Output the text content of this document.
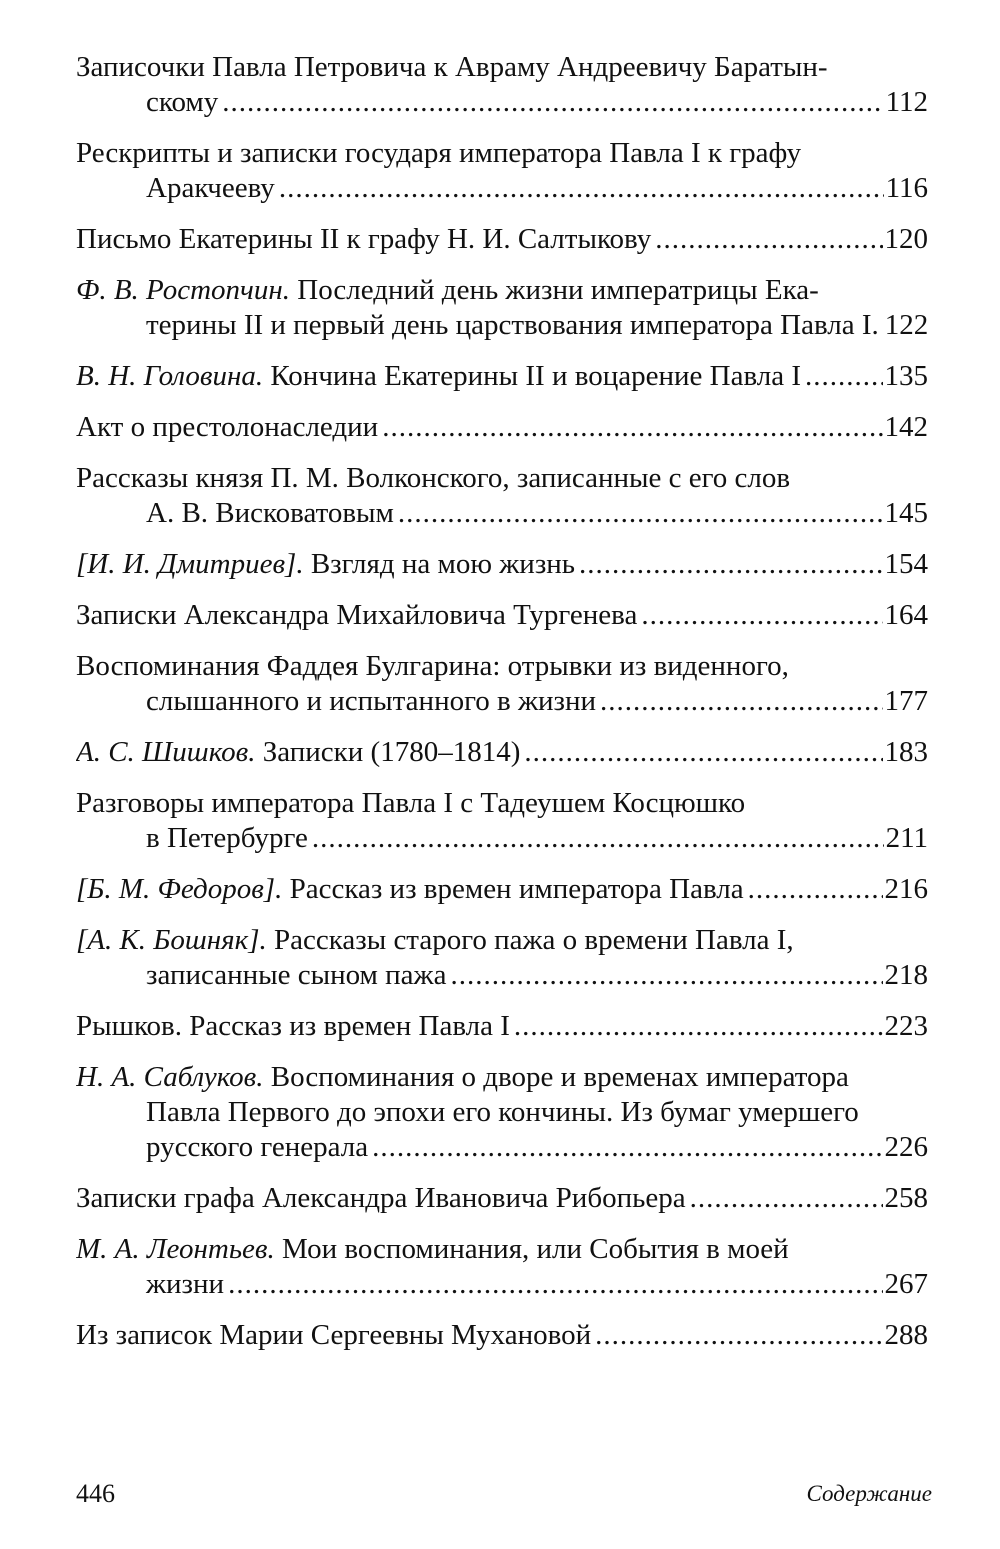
Записочки Павла Петровича к Авраму Андреевичу Баратын-
скому .....	112
Рескрипты и записки государя императора Павла I к графу
Аракчееву .....	116
Письмо Екатерины II к графу Н. И. Салтыкову .....	120
Ф. В. Ростопчин. Последний день жизни императрицы Ека-
терины II и первый день царствования императора Павла I. 122
В. Н. Головина. Кончина Екатерины II и воцарение Павла I .....	135
Акт о престолонаследии .....	142
Рассказы князя П. М. Волконского, записанные с его слов
А. В. Висковатовым .....	145
[И. И. Дмитриев]. Взгляд на мою жизнь .....	154
Записки Александра Михайловича Тургенева .....	164
Воспоминания Фаддея Булгарина: отрывки из виденного,
слышанного и испытанного в жизни .....	177
А. С. Шишков. Записки (1780–1814) .....	183
Разговоры императора Павла I с Тадеушем Косцюшко
в Петербурге .....	211
[Б. М. Федоров]. Рассказ из времен императора Павла .....	216
[А. К. Бошняк]. Рассказы старого пажа о времени Павла I,
записанные сыном пажа .....	218
Рышков. Рассказ из времен Павла I .....	223
Н. А. Саблуков. Воспоминания о дворе и временах императора
Павла Первого до эпохи его кончины. Из бумаг умершего
русского генерала .....	226
Записки графа Александра Ивановича Рибопьера .....	258
М. А. Леонтьев. Мои воспоминания, или События в моей
жизни .....	267
Из записок Марии Сергеевны Мухановой .....	288
446	Содержание
